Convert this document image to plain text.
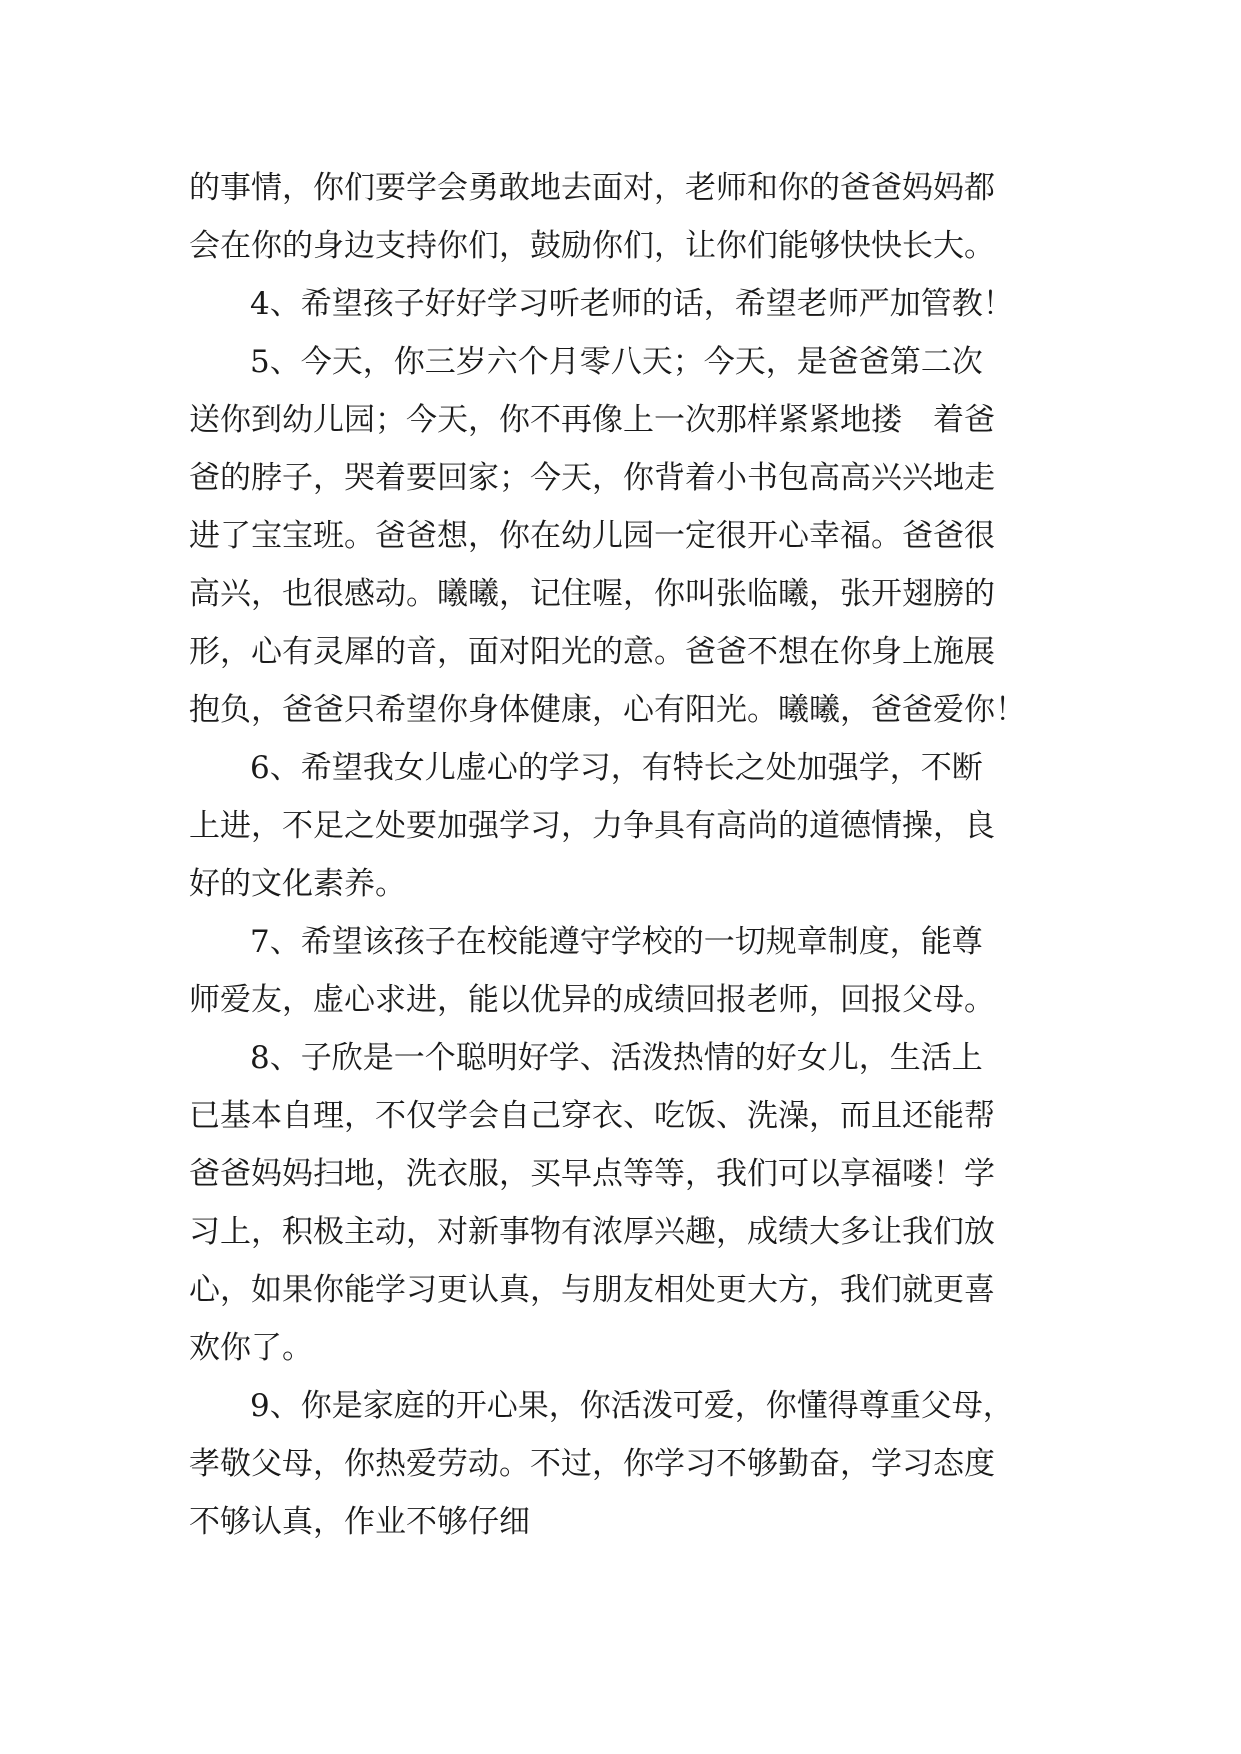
的事情，你们要学会勇敢地去面对，老师和你的爸爸妈妈都
会在你的身边支持你们，鼓励你们，让你们能够快快长大。
4、希望孩子好好学习听老师的话，希望老师严加管教！
5、今天，你三岁六个月零八天；今天，是爸爸第二次
送你到幼儿园；今天，你不再像上一次那样紧紧地搂　着爸
爸的脖子，哭着要回家；今天，你背着小书包高高兴兴地走
进了宝宝班。爸爸想，你在幼儿园一定很开心幸福。爸爸很
高兴，也很感动。曦曦，记住喔，你叫张临曦，张开翅膀的
形，心有灵犀的音，面对阳光的意。爸爸不想在你身上施展
抱负，爸爸只希望你身体健康，心有阳光。曦曦，爸爸爱你！
6、希望我女儿虚心的学习，有特长之处加强学，不断
上进，不足之处要加强学习，力争具有高尚的道德情操，良
好的文化素养。
7、希望该孩子在校能遵守学校的一切规章制度，能尊
师爱友，虚心求进，能以优异的成绩回报老师，回报父母。
8、子欣是一个聪明好学、活泼热情的好女儿，生活上
已基本自理，不仅学会自己穿衣、吃饭、洗澡，而且还能帮
爸爸妈妈扫地，洗衣服，买早点等等，我们可以享福喽！学
习上，积极主动，对新事物有浓厚兴趣，成绩大多让我们放
心，如果你能学习更认真，与朋友相处更大方，我们就更喜
欢你了。
9、你是家庭的开心果，你活泼可爱，你懂得尊重父母，
孝敬父母，你热爱劳动。不过，你学习不够勤奋，学习态度
不够认真，作业不够仔细
